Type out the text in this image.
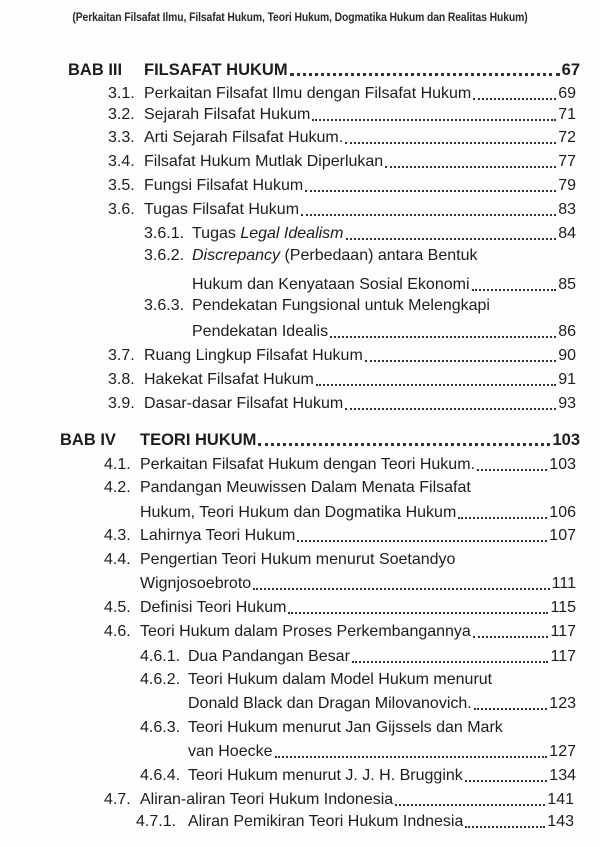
(Perkaitan Filsafat Ilmu, Filsafat Hukum, Teori Hukum, Dogmatika Hukum dan Realitas Hukum)
BAB III	FILSAFAT HUKUM	67
3.1. Perkaitan Filsafat Ilmu dengan Filsafat Hukum	69
3.2. Sejarah Filsafat Hukum	71
3.3. Arti Sejarah Filsafat Hukum.	72
3.4. Filsafat Hukum Mutlak Diperlukan	77
3.5. Fungsi Filsafat Hukum	79
3.6. Tugas Filsafat Hukum	83
3.6.1. Tugas Legal Idealism	84
3.6.2. Discrepancy (Perbedaan) antara Bentuk
Hukum dan Kenyataan Sosial Ekonomi	85
3.6.3. Pendekatan Fungsional untuk Melengkapi
Pendekatan Idealis	86
3.7. Ruang Lingkup Filsafat Hukum	90
3.8. Hakekat Filsafat Hukum	91
3.9. Dasar-dasar Filsafat Hukum	93
BAB IV	TEORI HUKUM	103
4.1. Perkaitan Filsafat Hukum dengan Teori Hukum.	103
4.2. Pandangan Meuwissen Dalam Menata Filsafat
Hukum, Teori Hukum dan Dogmatika Hukum	106
4.3. Lahirnya Teori Hukum	107
4.4. Pengertian Teori Hukum menurut Soetandyo
Wignjosoebroto	111
4.5. Definisi Teori Hukum	115
4.6. Teori Hukum dalam Proses Perkembangannya	117
4.6.1. Dua Pandangan Besar	117
4.6.2. Teori Hukum dalam Model Hukum menurut
Donald Black dan Dragan Milovanovich.	123
4.6.3. Teori Hukum menurut Jan Gijssels dan Mark
van Hoecke	127
4.6.4. Teori Hukum menurut J. J. H. Bruggink	134
4.7. Aliran-aliran Teori Hukum Indonesia	141
4.7.1. Aliran Pemikiran Teori Hukum Indnesia	143
